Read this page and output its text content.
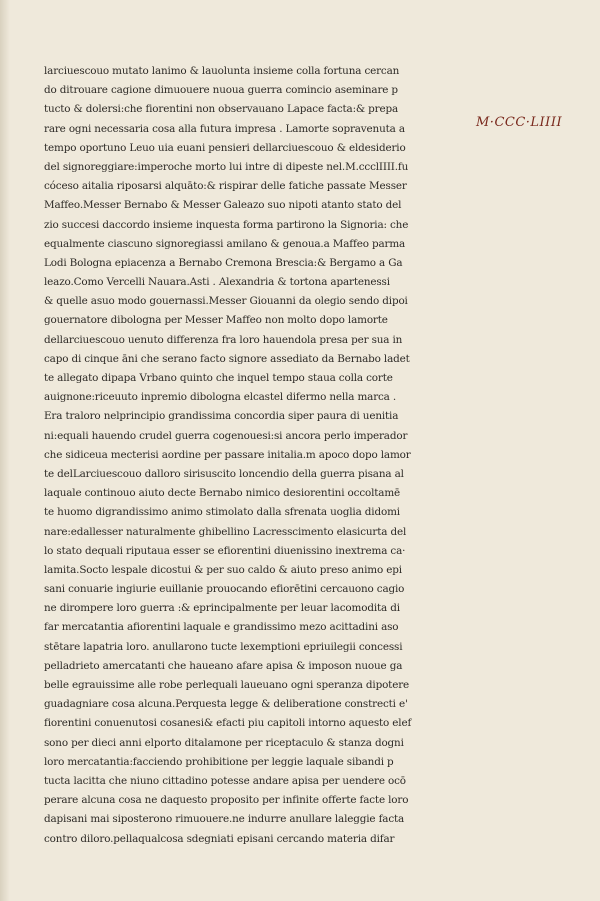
M·CCC·LIIII
larciuescouo mutato lanimo & lauolunta insieme colla fortuna cercan
do ditrouare cagione dimuouere nuoua guerra comincio aseminare p
tucto & dolersi:che fiorentini non observauano Lapace facta:& prepa
rare ogni necessaria cosa alla futura impresa . Lamorte sopravenuta a
tempo oportuno Leuo uia euani pensieri dellarciuescouo & eldesiderio
del signoreggiare:imperoche morto lui intre di dipeste nel.M.ccclIIII.fu
cóceso aitalia riposarsi alquāto:& rispirar delle fatiche passate Messer
Maffeo.Messer Bernabo & Messer Galeazo suo nipoti atanto stato del
zio succesi daccordo insieme inquesta forma partirono la Signoria: che
equalmente ciascuno signoregiassi amilano & genoua.a Maffeo parma
Lodi Bologna epiacenza a Bernabo Cremona Brescia:& Bergamo a Ga
leazo.Como Vercelli Nauara.Asti . Alexandria & tortona apartenessi
& quelle asuo modo gouernassi.Messer Giouanni da olegio sendo dipoi
gouernatore dibologna per Messer Maffeo non molto dopo lamorte
dellarciuescouo uenuto differenza fra loro hauendola presa per sua in
capo di cinque āni che serano facto signore assediato da Bernabo ladet
te allegato dipapa Vrbano quinto che inquel tempo staua colla corte
auignone:riceuuto inpremio dibologna elcastel difermo nella marca .
Era traloro nelprincipio grandissima concordia siper paura di uenitia
ni:equali hauendo crudel guerra cogenouesi:si ancora perlo imperador
che sidiceua mecterisi aordine per passare initalia.m apoco dopo lamor
te delLarciuescouo dalloro sirisuscito loncendio della guerra pisana al
laquale continouo aiuto decte Bernabo nimico desiorentini occoltamē
te huomo digrandissimo animo stimolato dalla sfrenata uoglia didomi
nare:edallesser naturalmente ghibellino Lacresscimento elasicurta del
lo stato dequali riputaua esser se efiorentini diuenissino inextrema ca·
lamita.Socto lespale dicostui & per suo caldo & aiuto preso animo epi
sani conuarie ingiurie euillanie prouocando efiorētini cercauono cagio
ne dirompere loro guerra :& eprincipalmente per leuar lacomodita di
far mercatantia afiorentini laquale e grandissimo mezo acittadini aso
stētare lapatria loro. anullarono tucte lexemptioni epriuilegii concessi
pelladrieto amercatanti che haueano afare apisa & imposon nuoue ga
belle egrauissime alle robe perlequali laueuano ogni speranza dipotere
guadagniare cosa alcuna.Perquesta legge & deliberatione constrecti e'
fiorentini conuenutosi cosanesi& efacti piu capitoli intorno aquesto elef
sono per dieci anni elporto ditalamone per riceptaculo & stanza dogni
loro mercatantia:facciendo prohibitione per leggie laquale sibandi p
tucta lacitta che niuno cittadino potesse andare apisa per uendere ocō
perare alcuna cosa ne daquesto proposito per infinite offerte facte loro
dapisani mai siposterono rimuouere.ne indurre anullare laleggie facta
contro diloro.pellaqualcosa sdegniati episani cercando materia difar
